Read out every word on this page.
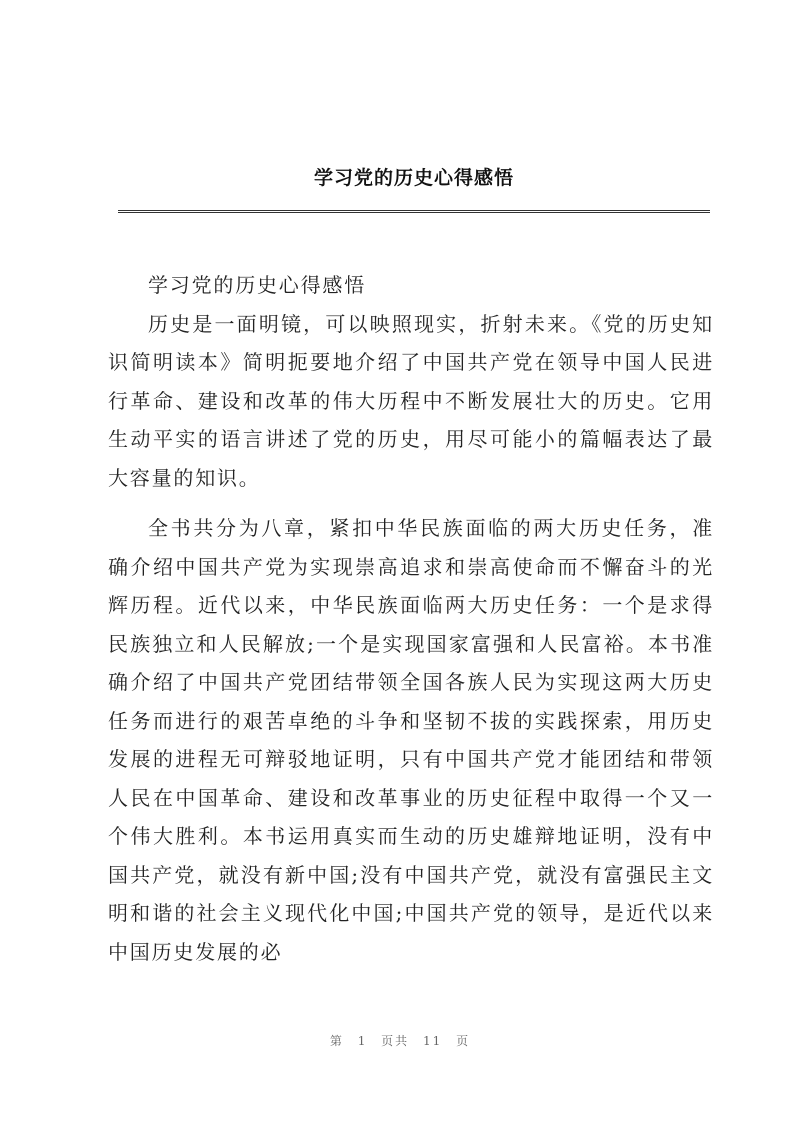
学习党的历史心得感悟

学习党的历史心得感悟

历史是一面明镜，可以映照现实，折射未来。《党的历史知识简明读本》简明扼要地介绍了中国共产党在领导中国人民进行革命、建设和改革的伟大历程中不断发展壮大的历史。它用生动平实的语言讲述了党的历史，用尽可能小的篇幅表达了最大容量的知识。

全书共分为八章，紧扣中华民族面临的两大历史任务，准确介绍中国共产党为实现崇高追求和崇高使命而不懈奋斗的光辉历程。近代以来，中华民族面临两大历史任务：一个是求得民族独立和人民解放;一个是实现国家富强和人民富裕。本书准确介绍了中国共产党团结带领全国各族人民为实现这两大历史任务而进行的艰苦卓绝的斗争和坚韧不拔的实践探索，用历史发展的进程无可辩驳地证明，只有中国共产党才能团结和带领人民在中国革命、建设和改革事业的历史征程中取得一个又一个伟大胜利。本书运用真实而生动的历史雄辩地证明，没有中国共产党，就没有新中国;没有中国共产党，就没有富强民主文明和谐的社会主义现代化中国;中国共产党的领导，是近代以来中国历史发展的必

第 1 页共 11 页
